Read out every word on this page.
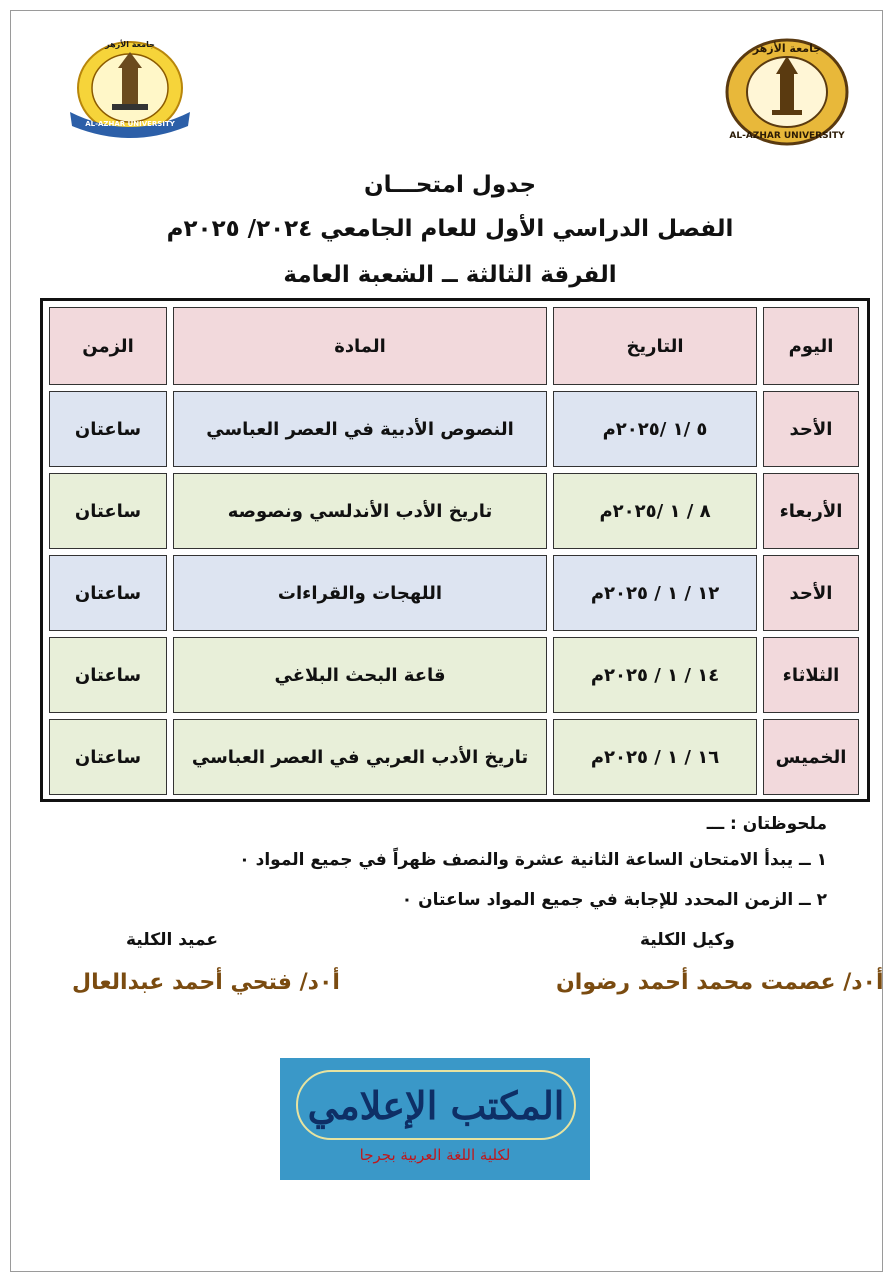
جامعة الأزهر
AL-AZHAR UNIVERSITY
جامعة الأزهر
AL-AZHAR UNIVERSITY
جدول امتحـــان
الفصل الدراسي الأول للعام الجامعي ٢٠٢٤/ ٢٠٢٥م
الفرقة الثالثة ــ الشعبة العامة
اليوم
التاريخ
المادة
الزمن
الأحد
٥ /١ /٢٠٢٥م
النصوص الأدبية في العصر العباسي
ساعتان
الأربعاء
٨ / ١ /٢٠٢٥م
تاريخ الأدب الأندلسي ونصوصه
ساعتان
الأحد
١٢ / ١ / ٢٠٢٥م
اللهجات والقراءات
ساعتان
الثلاثاء
١٤ / ١ / ٢٠٢٥م
قاعة البحث البلاغي
ساعتان
الخميس
١٦ / ١ / ٢٠٢٥م
تاريخ الأدب العربي في العصر العباسي
ساعتان
ملحوظتان : ـــ
١ ــ يبدأ الامتحان الساعة الثانية عشرة والنصف ظهراً في جميع المواد ٠
٢ ــ الزمن المحدد للإجابة في جميع المواد ساعتان ٠
وكيل الكلية
عميد الكلية
أ٠د/ عصمت محمد أحمد رضوان
أ٠د/ فتحي أحمد عبدالعال
المكتب الإعلامي
لكلية اللغة العربية بجرجا
